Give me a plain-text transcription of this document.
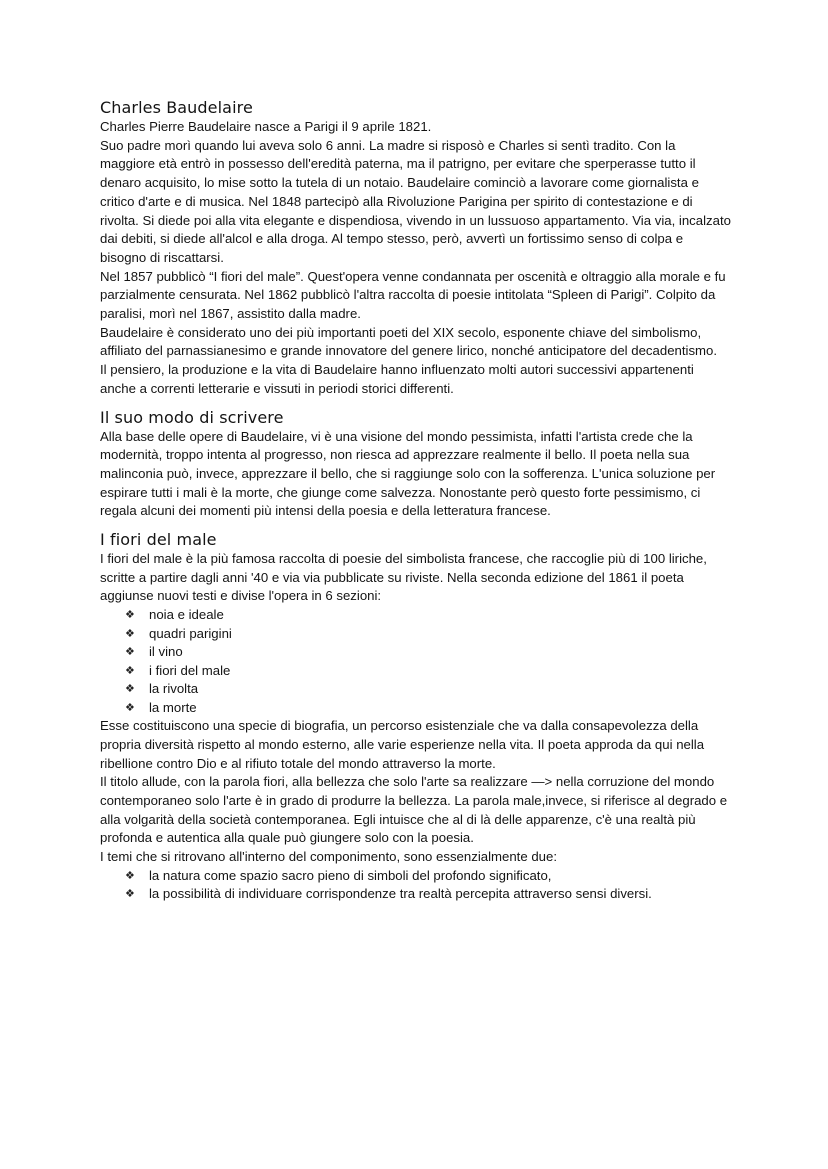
Charles Baudelaire

Charles Pierre Baudelaire nasce a Parigi il 9 aprile 1821.

Suo padre morì quando lui aveva solo 6 anni. La madre si risposò e Charles si sentì tradito. Con la maggiore età entrò in possesso dell'eredità paterna, ma il patrigno, per evitare che sperperasse tutto il denaro acquisito, lo mise sotto la tutela di un notaio. Baudelaire cominciò a lavorare come giornalista e critico d'arte e di musica. Nel 1848 partecipò alla Rivoluzione Parigina per spirito di contestazione e di rivolta. Si diede poi alla vita elegante e dispendiosa, vivendo in un lussuoso appartamento. Via via, incalzato dai debiti, si diede all'alcol e alla droga. Al tempo stesso, però, avvertì un fortissimo senso di colpa e bisogno di riscattarsi.

Nel 1857 pubblicò “I fiori del male”. Quest'opera venne condannata per oscenità e oltraggio alla morale e fu parzialmente censurata. Nel 1862 pubblicò l'altra raccolta di poesie intitolata “Spleen di Parigi”. Colpito da paralisi, morì nel 1867, assistito dalla madre.

Baudelaire è considerato uno dei più importanti poeti del XIX secolo, esponente chiave del simbolismo, affiliato del parnassianesimo e grande innovatore del genere lirico, nonché anticipatore del decadentismo.

Il pensiero, la produzione e la vita di Baudelaire hanno influenzato molti autori successivi appartenenti anche a correnti letterarie e vissuti in periodi storici differenti.

Il suo modo di scrivere

Alla base delle opere di Baudelaire, vi è una visione del mondo pessimista, infatti l'artista crede che la modernità, troppo intenta al progresso, non riesca ad apprezzare realmente il bello. Il poeta nella sua malinconia può, invece, apprezzare il bello, che si raggiunge solo con la sofferenza. L'unica soluzione per espirare tutti i mali è la morte, che giunge come salvezza. Nonostante però questo forte pessimismo, ci regala alcuni dei momenti più intensi della poesia e della letteratura francese.

I fiori del male

I fiori del male è la più famosa raccolta di poesie del simbolista francese, che raccoglie più di 100 liriche, scritte a partire dagli anni '40 e via via pubblicate su riviste. Nella seconda edizione del 1861 il poeta aggiunse nuovi testi e divise l'opera in 6 sezioni:

❖ noia e ideale
❖ quadri parigini
❖ il vino
❖ i fiori del male
❖ la rivolta
❖ la morte

Esse costituiscono una specie di biografia, un percorso esistenziale che va dalla consapevolezza della propria diversità rispetto al mondo esterno, alle varie esperienze nella vita. Il poeta approda da qui nella ribellione contro Dio e al rifiuto totale del mondo attraverso la morte.

Il titolo allude, con la parola fiori, alla bellezza che solo l'arte sa realizzare —> nella corruzione del mondo contemporaneo solo l'arte è in grado di produrre la bellezza. La parola male,invece, si riferisce al degrado e alla volgarità della società contemporanea. Egli intuisce che al di là delle apparenze, c'è una realtà più profonda e autentica alla quale può giungere solo con la poesia.

I temi che si ritrovano all'interno del componimento, sono essenzialmente due:

❖ la natura come spazio sacro pieno di simboli del profondo significato,
❖ la possibilità di individuare corrispondenze tra realtà percepita attraverso sensi diversi.
